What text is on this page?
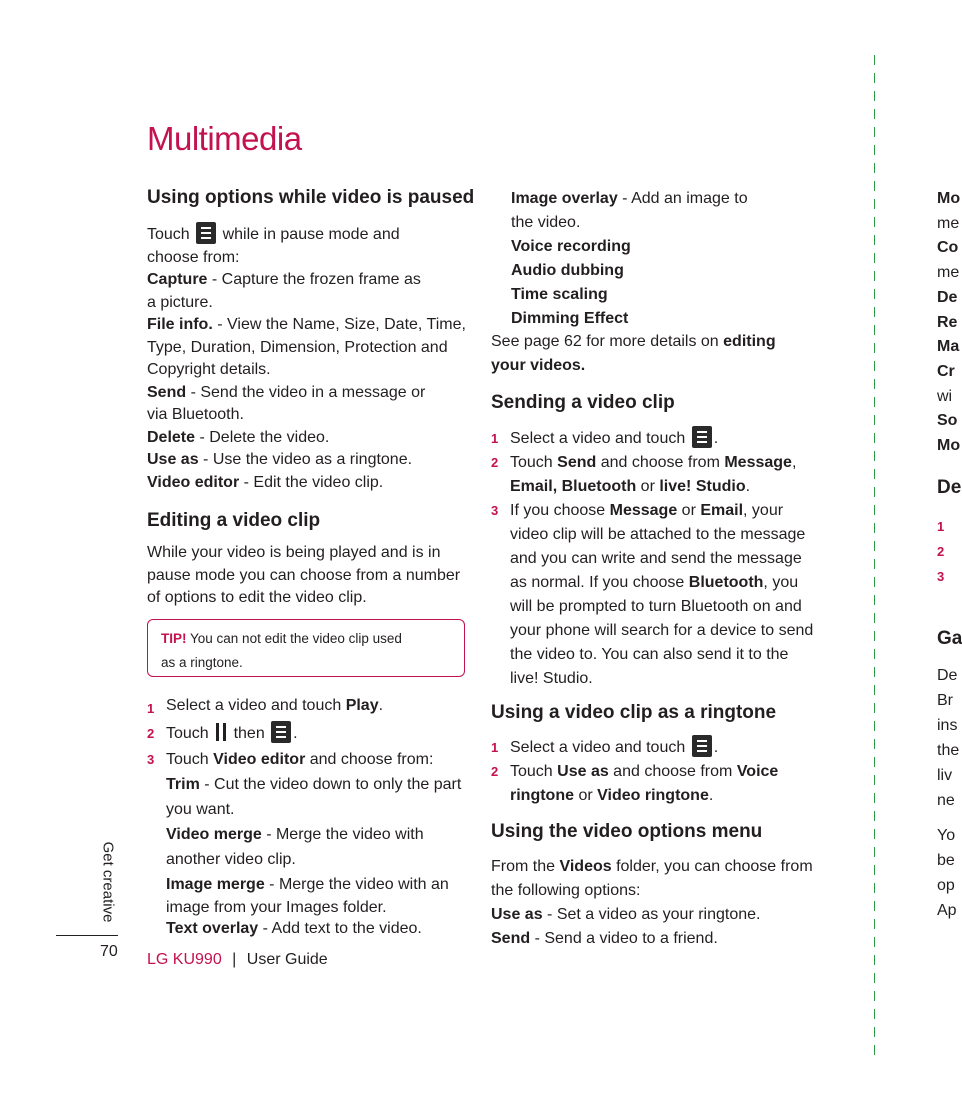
Multimedia
Using options while video is paused
Touch  while in pause mode and
choose from:
Capture - Capture the frozen frame as
a picture.
File info. - View the Name, Size, Date, Time,
Type, Duration, Dimension, Protection and
Copyright details.
Send - Send the video in a message or
via Bluetooth.
Delete - Delete the video.
Use as - Use the video as a ringtone.
Video editor - Edit the video clip.
Editing a video clip
While your video is being played and is in
pause mode you can choose from a number
of options to edit the video clip.
TIP! You can not edit the video clip used
as a ringtone.
1 Select a video and touch Play.
2 Touch  then .
3 Touch Video editor and choose from:
Trim - Cut the video down to only the part
you want.
Video merge - Merge the video with
another video clip.
Image merge - Merge the video with an
image from your Images folder.
Text overlay - Add text to the video.
Image overlay - Add an image to
the video.
Voice recording
Audio dubbing
Time scaling
Dimming Effect
See page 62 for more details on editing
your videos.
Sending a video clip
1 Select a video and touch .
2 Touch Send and choose from Message,
Email, Bluetooth or live! Studio.
3 If you choose Message or Email, your
video clip will be attached to the message
and you can write and send the message
as normal. If you choose Bluetooth, you
will be prompted to turn Bluetooth on and
your phone will search for a device to send
the video to. You can also send it to the
live! Studio.
Using a video clip as a ringtone
1 Select a video and touch .
2 Touch Use as and choose from Voice
ringtone or Video ringtone.
Using the video options menu
From the Videos folder, you can choose from
the following options:
Use as - Set a video as your ringtone.
Send - Send a video to a friend.
Mo
me
Co
me
De
Re
Ma
Cr
wi
So
Mo
De
1
2
3
Ga
De
Br
ins
the
liv
ne
Yo
be
op
Ap
Get creative
70 LG KU990 | User Guide
